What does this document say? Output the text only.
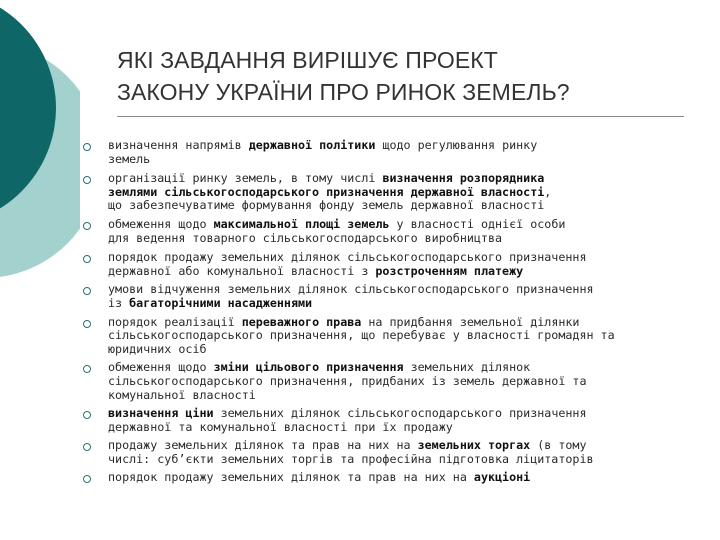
ЯКІ ЗАВДАННЯ ВИРІШУЄ ПРОЕКТ
ЗАКОНУ УКРАЇНИ ПРО РИНОК ЗЕМЕЛЬ?
визначення напрямів державної політики щодо регулювання ринку
земель
організації ринку земель, в тому числі визначення розпорядника
землями сільськогосподарського призначення державної власності,
що забезпечуватиме формування фонду земель державної власності
обмеження щодо максимальної площі земель у власності однієї особи
для ведення товарного сільськогосподарського виробництва
порядок продажу земельних ділянок сільськогосподарського призначення
державної або комунальної власності з розстроченням платежу
умови відчуження земельних ділянок сільськогосподарського призначення
із багаторічними насадженнями
порядок реалізації переважного права на придбання земельної ділянки
сільськогосподарського призначення, що перебуває у власності громадян та
юридичних осіб
обмеження щодо зміни цільового призначення земельних ділянок
сільськогосподарського призначення, придбаних із земель державної та
комунальної власності
визначення ціни земельних ділянок сільськогосподарського призначення
державної та комунальної власності при їх продажу
продажу земельних ділянок та прав на них на земельних торгах (в тому
числі: суб’єкти земельних торгів та професійна підготовка ліцитаторів
порядок продажу земельних ділянок та прав на них на аукціоні
